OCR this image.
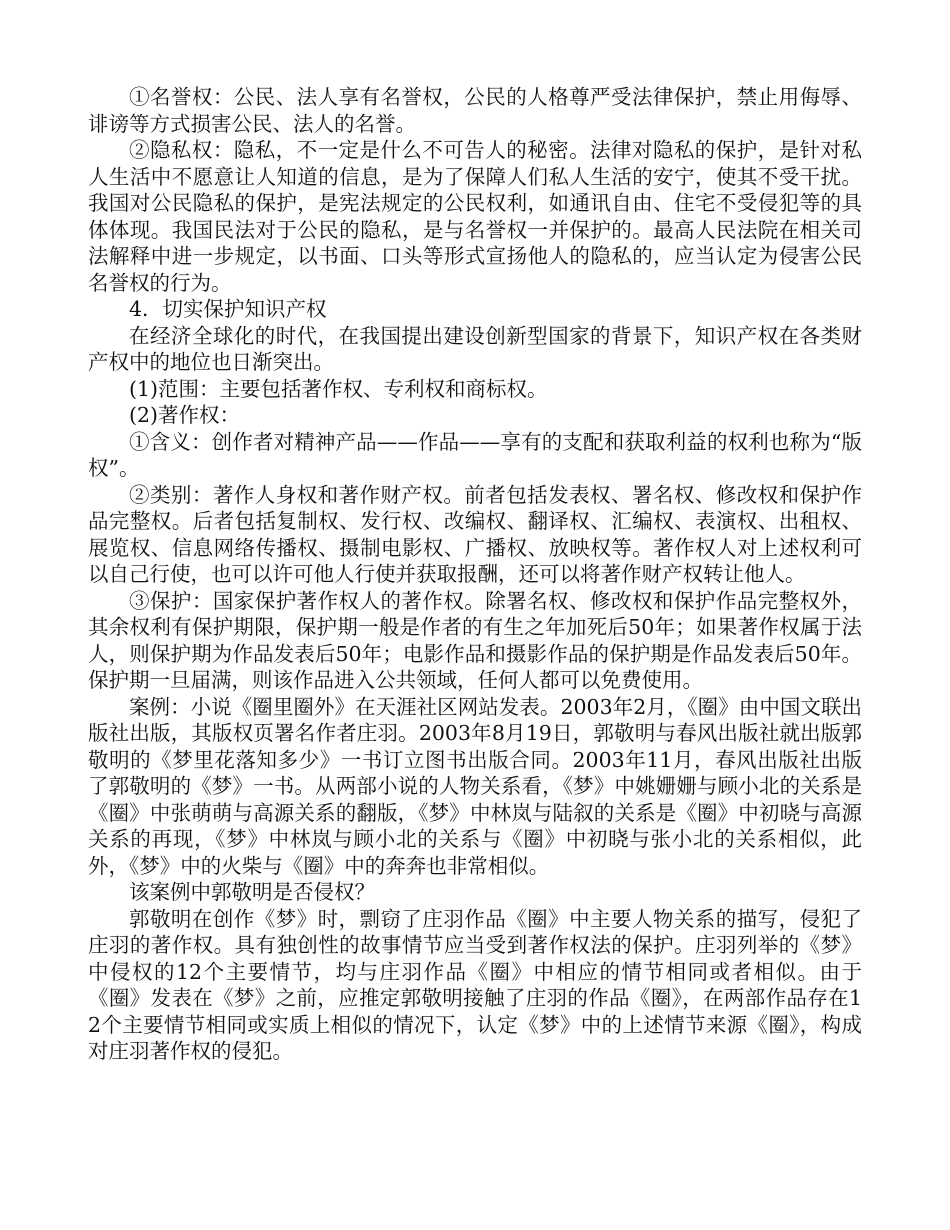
①名誉权：公民、法人享有名誉权，公民的人格尊严受法律保护，禁止用侮辱、诽谤等方式损害公民、法人的名誉。

②隐私权：隐私，不一定是什么不可告人的秘密。法律对隐私的保护，是针对私人生活中不愿意让人知道的信息，是为了保障人们私人生活的安宁，使其不受干扰。我国对公民隐私的保护，是宪法规定的公民权利，如通讯自由、住宅不受侵犯等的具体体现。我国民法对于公民的隐私，是与名誉权一并保护的。最高人民法院在相关司法解释中进一步规定，以书面、口头等形式宣扬他人的隐私的，应当认定为侵害公民名誉权的行为。

4．切实保护知识产权

在经济全球化的时代，在我国提出建设创新型国家的背景下，知识产权在各类财产权中的地位也日渐突出。

(1)范围：主要包括著作权、专利权和商标权。

(2)著作权：

①含义：创作者对精神产品——作品——享有的支配和获取利益的权利也称为“版权”。

②类别：著作人身权和著作财产权。前者包括发表权、署名权、修改权和保护作品完整权。后者包括复制权、发行权、改编权、翻译权、汇编权、表演权、出租权、展览权、信息网络传播权、摄制电影权、广播权、放映权等。著作权人对上述权利可以自己行使，也可以许可他人行使并获取报酬，还可以将著作财产权转让他人。

③保护：国家保护著作权人的著作权。除署名权、修改权和保护作品完整权外，其余权利有保护期限，保护期一般是作者的有生之年加死后50年；如果著作权属于法人，则保护期为作品发表后50年；电影作品和摄影作品的保护期是作品发表后50年。保护期一旦届满，则该作品进入公共领域，任何人都可以免费使用。

案例：小说《圈里圈外》在天涯社区网站发表。2003年2月，《圈》由中国文联出版社出版，其版权页署名作者庄羽。2003年8月19日，郭敬明与春风出版社就出版郭敬明的《梦里花落知多少》一书订立图书出版合同。2003年11月，春风出版社出版了郭敬明的《梦》一书。从两部小说的人物关系看，《梦》中姚姗姗与顾小北的关系是《圈》中张萌萌与高源关系的翻版，《梦》中林岚与陆叙的关系是《圈》中初晓与高源关系的再现，《梦》中林岚与顾小北的关系与《圈》中初晓与张小北的关系相似，此外，《梦》中的火柴与《圈》中的奔奔也非常相似。

该案例中郭敬明是否侵权？

郭敬明在创作《梦》时，剽窃了庄羽作品《圈》中主要人物关系的描写，侵犯了庄羽的著作权。具有独创性的故事情节应当受到著作权法的保护。庄羽列举的《梦》中侵权的12个主要情节，均与庄羽作品《圈》中相应的情节相同或者相似。由于《圈》发表在《梦》之前，应推定郭敬明接触了庄羽的作品《圈》，在两部作品存在12个主要情节相同或实质上相似的情况下，认定《梦》中的上述情节来源《圈》，构成对庄羽著作权的侵犯。
